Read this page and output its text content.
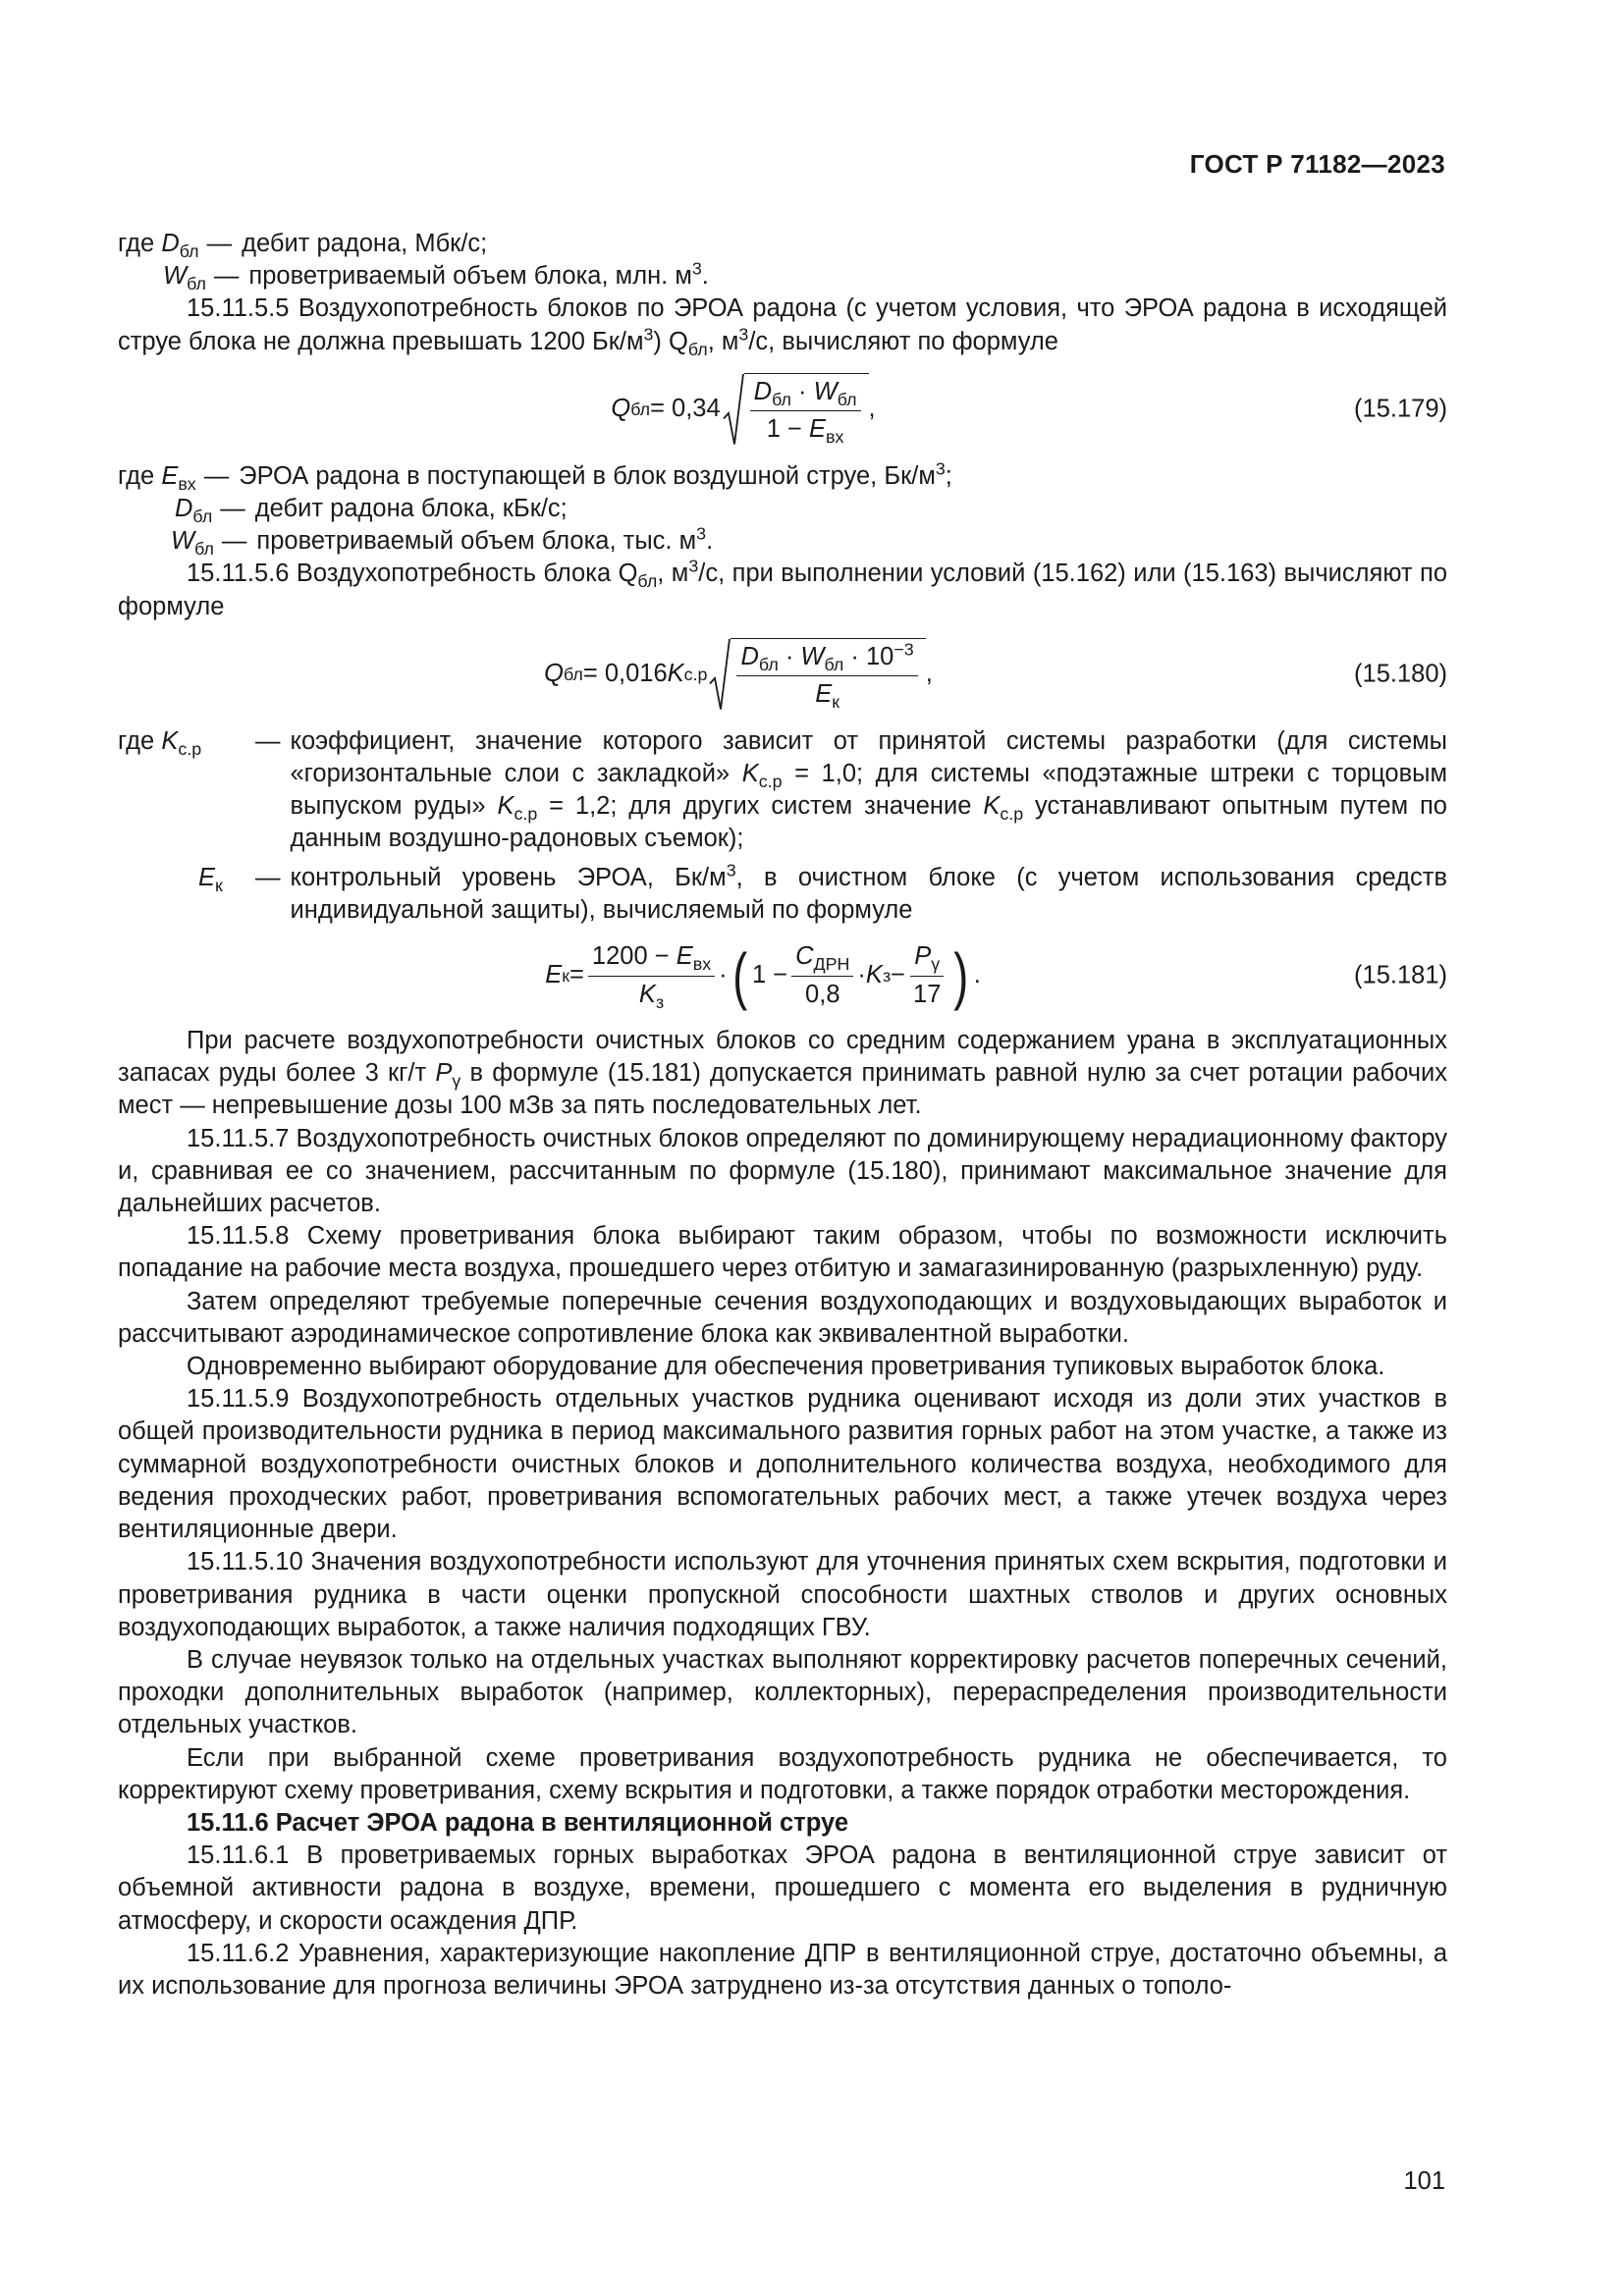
ГОСТ Р 71182—2023
где $D_{бл}$ — дебит радона, Мбк/с;
$W_{бл}$ — проветриваемый объем блока, млн. $м^3$.

15.11.5.5 Воздухопотребность блоков по ЭРОА радона (с учетом условия, что ЭРОА радона в исходящей струе блока не должна превышать 1200 $Бк/м^3$) $Q_{бл}$, $м^3/с$, вычисляют по формуле

Q бл = $0,34 \frac{D_{бл} \cdot W_{бл}}{1 - E_{вх}}$ ,	(15.179)
где $E_{вх}$ — ЭРОА радона в поступающей в блок воздушной струе, $Бк/м^3$;
$D_{бл}$ — дебит радона блока, кБк/с;
$W_{бл}$ — проветриваемый объем блока, тыс. $м^3$.

15.11.5.6 Воздухопотребность блока $Q_{бл}$, $м^3/с$, при выполнении условий (15.162) или (15.163) вычисляют по формуле

Q бл = 0,016 K $с.р \frac{D_{бл} \cdot W_{бл} \cdot 10^{-3}}{E_к}$ ,	(15.180)
где $K_{с.р}$	— коэффициент, значение которого зависит от принятой системы разработки (для системы «горизонтальные слои с закладкой» $K_{с.р} = 1,0$; для системы «подэтажные штреки с торцовым выпуском руды» $K_{с.р} = 1,2$; для других систем значение $K_{с.р}$ устанавливают опытным путем по данным воздушно-радоновых съемок);
$E_к$	— контрольный уровень ЭРОА, $Бк/м^3$, в очистном блоке (с учетом использования средств индивидуальной защиты), вычисляемый по формуле
E $к = \frac{1200 - E_{вх}}{K_з}$ · ( $1 - \frac{C_{ДРН}}{0,8} \cdot K$ $з - \frac{P_\gamma}{17}$ ) .	(15.181)

При расчете воздухопотребности очистных блоков со средним содержанием урана в эксплуатационных запасах руды более 3 кг/т $P_\gamma$ в формуле (15.181) допускается принимать равной нулю за счет ротации рабочих мест — непревышение дозы 100 мЗв за пять последовательных лет.

15.11.5.7 Воздухопотребность очистных блоков определяют по доминирующему нерадиационному фактору и, сравнивая ее со значением, рассчитанным по формуле (15.180), принимают максимальное значение для дальнейших расчетов.

15.11.5.8 Схему проветривания блока выбирают таким образом, чтобы по возможности исключить попадание на рабочие места воздуха, прошедшего через отбитую и замагазинированную (разрыхленную) руду.

Затем определяют требуемые поперечные сечения воздухоподающих и воздуховыдающих выработок и рассчитывают аэродинамическое сопротивление блока как эквивалентной выработки.

Одновременно выбирают оборудование для обеспечения проветривания тупиковых выработок блока.

15.11.5.9 Воздухопотребность отдельных участков рудника оценивают исходя из доли этих участков в общей производительности рудника в период максимального развития горных работ на этом участке, а также из суммарной воздухопотребности очистных блоков и дополнительного количества воздуха, необходимого для ведения проходческих работ, проветривания вспомогательных рабочих мест, а также утечек воздуха через вентиляционные двери.

15.11.5.10 Значения воздухопотребности используют для уточнения принятых схем вскрытия, подготовки и проветривания рудника в части оценки пропускной способности шахтных стволов и других основных воздухоподающих выработок, а также наличия подходящих ГВУ.

В случае неувязок только на отдельных участках выполняют корректировку расчетов поперечных сечений, проходки дополнительных выработок (например, коллекторных), перераспределения производительности отдельных участков.

Если при выбранной схеме проветривания воздухопотребность рудника не обеспечивается, то корректируют схему проветривания, схему вскрытия и подготовки, а также порядок отработки месторождения.

15.11.6 Расчет ЭРОА радона в вентиляционной струе

15.11.6.1 В проветриваемых горных выработках ЭРОА радона в вентиляционной струе зависит от объемной активности радона в воздухе, времени, прошедшего с момента его выделения в рудничную атмосферу, и скорости осаждения ДПР.

15.11.6.2 Уравнения, характеризующие накопление ДПР в вентиляционной струе, достаточно объемны, а их использование для прогноза величины ЭРОА затруднено из-за отсутствия данных о тополо-

101
